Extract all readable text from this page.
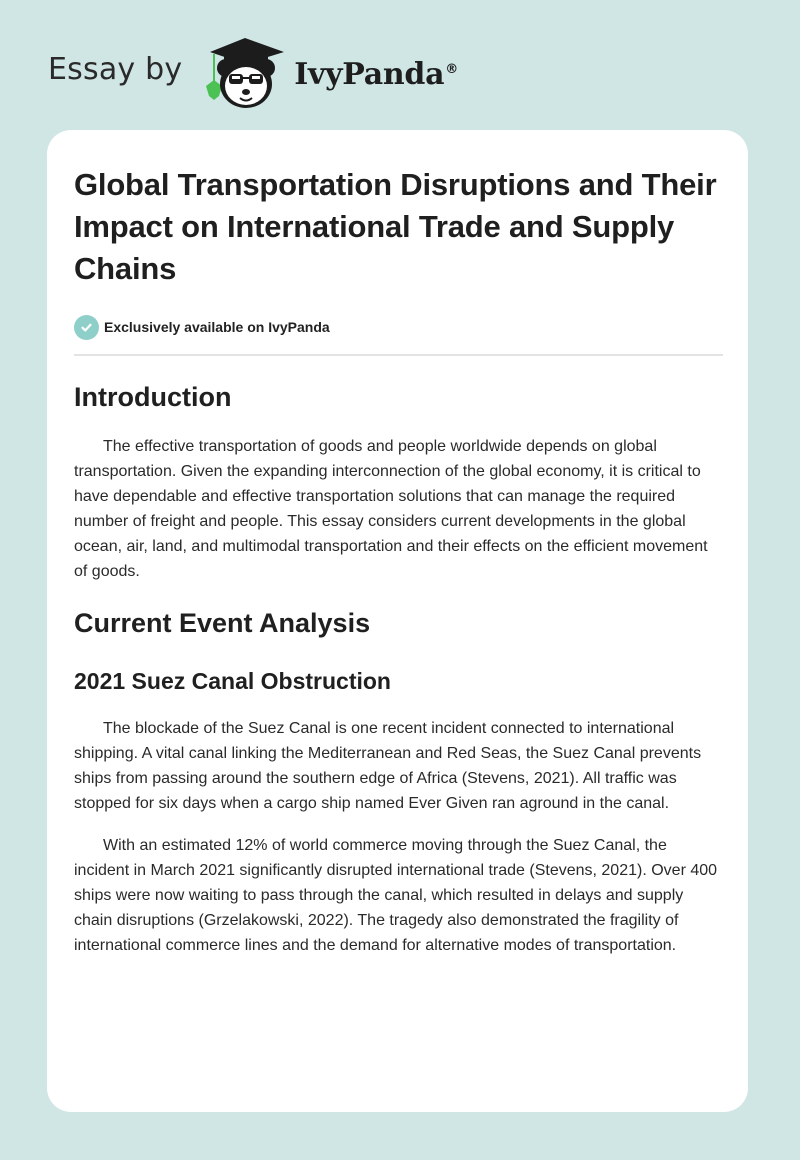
Essay by	IvyPanda®
Global Transportation Disruptions and Their Impact on International Trade and Supply Chains
Exclusively available on IvyPanda
Introduction

The effective transportation of goods and people worldwide depends on global transportation. Given the expanding interconnection of the global economy, it is critical to have dependable and effective transportation solutions that can manage the required number of freight and people. This essay considers current developments in the global ocean, air, land, and multimodal transportation and their effects on the efficient movement of goods.

Current Event Analysis
2021 Suez Canal Obstruction

The blockade of the Suez Canal is one recent incident connected to international shipping. A vital canal linking the Mediterranean and Red Seas, the Suez Canal prevents ships from passing around the southern edge of Africa (Stevens, 2021). All traffic was stopped for six days when a cargo ship named Ever Given ran aground in the canal.

With an estimated 12% of world commerce moving through the Suez Canal, the incident in March 2021 significantly disrupted international trade (Stevens, 2021). Over 400 ships were now waiting to pass through the canal, which resulted in delays and supply chain disruptions (Grzelakowski, 2022). The tragedy also demonstrated the fragility of international commerce lines and the demand for alternative modes of transportation.
